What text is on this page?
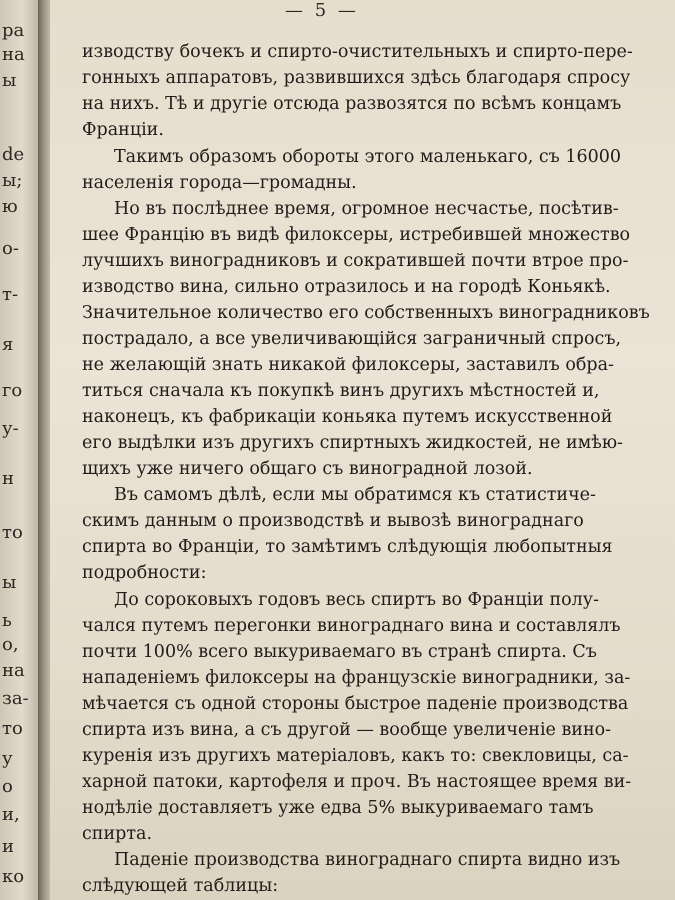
ра
на
ы
de
ы;
ю
о-
т-
я
го
у-
н
то
ы
ь
о,
на
за-
то
у
о
и,
и
ко
— 5 —
изводству бочекъ и спирто-очистительныхъ и спирто-пере-
гонныхъ аппаратовъ, развившихся здѣсь благодаря спросу
на нихъ. Тѣ и другіе отсюда развозятся по всѣмъ концамъ
Франціи.
Такимъ образомъ обороты этого маленькаго, съ 16000
населенія города—громадны.
Но въ послѣднее время, огромное несчастье, посѣтив-
шее Францію въ видѣ филоксеры, истребившей множество
лучшихъ виноградниковъ и сократившей почти втрое про-
изводство вина, сильно отразилось и на городѣ Коньякѣ.
Значительное количество его собственныхъ виноградниковъ
пострадало, а все увеличивающійся заграничный спросъ,
не желающій знать никакой филоксеры, заставилъ обра-
титься сначала къ покупкѣ винъ другихъ мѣстностей и,
наконецъ, къ фабрикаціи коньяка путемъ искусственной
его выдѣлки изъ другихъ спиртныхъ жидкостей, не имѣю-
щихъ уже ничего общаго съ виноградной лозой.
Въ самомъ дѣлѣ, если мы обратимся къ статистиче-
скимъ данным о производствѣ и вывозѣ винограднаго
спирта во Франціи, то замѣтимъ слѣдующія любопытныя
подробности:
До сороковыхъ годовъ весь спиртъ во Франціи полу-
чался путемъ перегонки винограднаго вина и составлялъ
почти 100% всего выкуриваемаго въ странѣ спирта. Съ
нападеніемъ филоксеры на французскіе виноградники, за-
мѣчается съ одной стороны быстрое паденіе производства
спирта изъ вина, а съ другой — вообще увеличеніе вино-
куренія изъ другихъ матеріаловъ, какъ то: свекловицы, са-
харной патоки, картофеля и проч. Въ настоящее время ви-
нодѣліе доставляетъ уже едва 5% выкуриваемаго тамъ
спирта.
Паденіе производства винограднаго спирта видно изъ
слѣдующей таблицы:
